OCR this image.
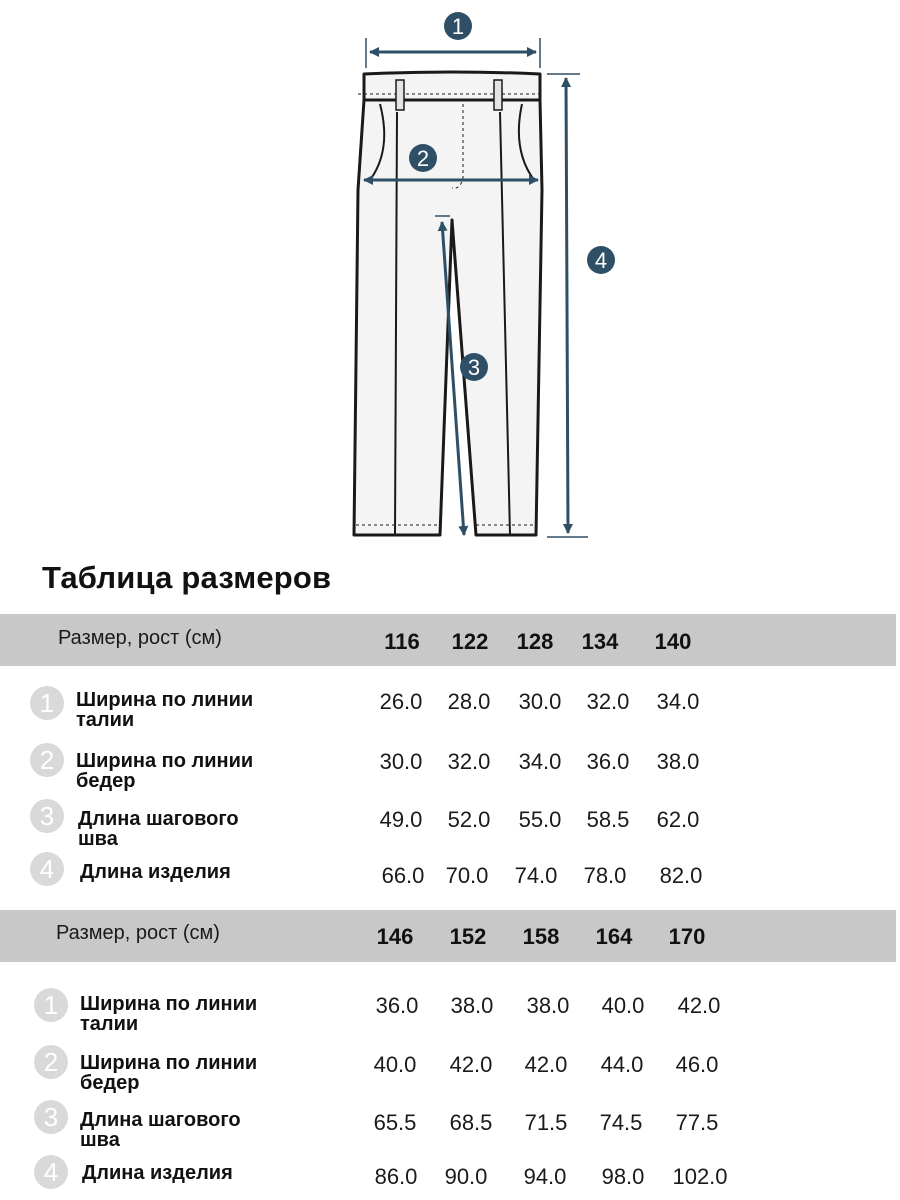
1
2
3
4
Таблица размеров
Размер, рост (см)	116	122	128	134	140
1	Ширина по линии
талии
26.0	28.0	30.0	32.0	34.0
2	Ширина по линии
бедер
30.0	32.0	34.0	36.0	38.0
3	Длина шагового
шва
49.0	52.0	55.0	58.5	62.0
4	Длина изделия	66.0 70.0	74.0	78.0	82.0
Размер, рост (см)	146	152	158	164	170
1	Ширина по линии
талии
36.0	38.0	38.0	40.0	42.0
2	Ширина по линии
бедер
40.0	42.0	42.0	44.0	46.0
3	Длина шагового
шва
65.5	68.5	71.5	74.5	77.5
4	Длина изделия	86.0	90.0	94.0	98.0	102.0
